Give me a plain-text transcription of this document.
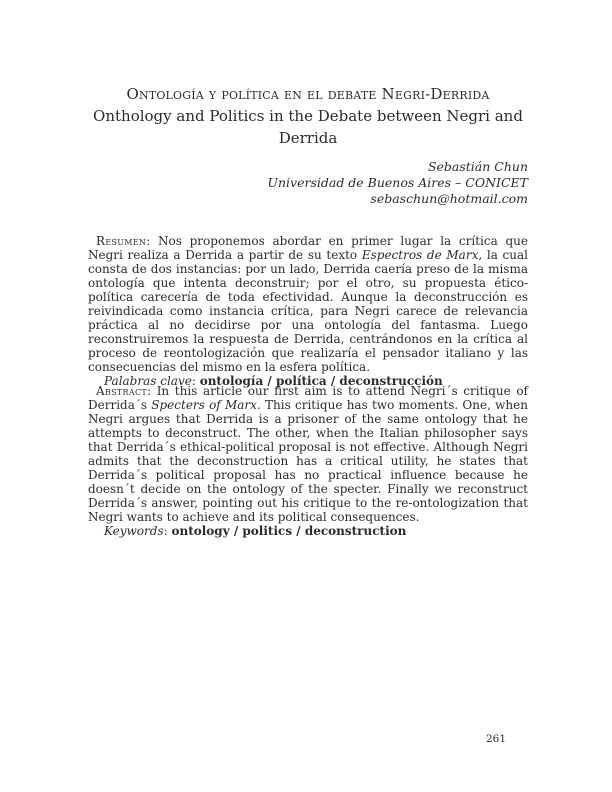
Ontología y política en el debate Negri-Derrida
Onthology and Politics in the Debate between Negri and
Derrida
Sebastián Chun
Universidad de Buenos Aires – CONICET
sebaschun@hotmail.com

Resumen: Nos proponemos abordar en primer lugar la crítica que Negri realiza a Derrida a partir de su texto Espectros de Marx, la cual consta de dos instancias: por un lado, Derrida caería preso de la misma ontología que intenta deconstruir; por el otro, su propuesta ético-política carecería de toda efectividad. Aunque la deconstrucción es reivindicada como instancia crítica, para Negri carece de relevancia práctica al no decidirse por una ontología del fantasma. Luego reconstruiremos la respuesta de Derrida, centrándonos en la crítica al proceso de reontologización que realizaría el pensador italiano y las consecuencias del mismo en la esfera política.

Palabras clave: ontología / política / deconstrucción

Abstract: In this article our first aim is to attend Negri´s critique of Derrida´s Specters of Marx. This critique has two moments. One, when Negri argues that Derrida is a prisoner of the same ontology that he attempts to deconstruct. The other, when the Italian philosopher says that Derrida´s ethical-political proposal is not effective. Although Negri admits that the deconstruction has a critical utility, he states that Derrida´s political proposal has no practical influence because he doesn´t decide on the ontology of the specter. Finally we reconstruct Derrida´s answer, pointing out his critique to the re-ontologization that Negri wants to achieve and its political consequences.

Keywords: ontology / politics / deconstruction

261
